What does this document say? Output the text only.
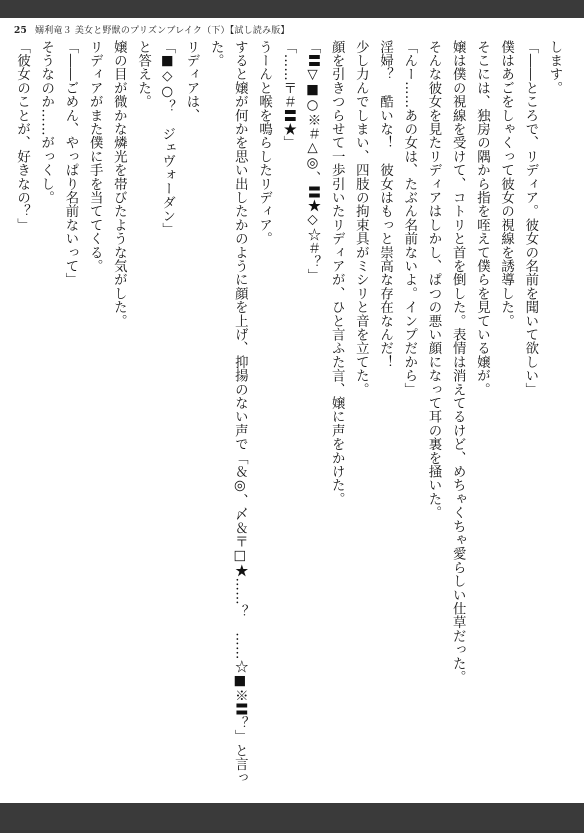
25 嫋利竜３ 美女と野獣のプリズンブレイク（下）【試し読み版】

します。

「――ところで、リディア。彼女の名前を聞いて欲しい」

僕はあごをしゃくって彼女の視線を誘導した。

そこには、独房の隅から指を咥えて僕らを見ている嬢が。

嬢は僕の視線を受けて、コトリと首を倒した。表情は消えてるけど、めちゃくちゃ愛らしい仕草だった。

そんな彼女を見たリディアはしかし、ぱつの悪い顔になって耳の裏を掻いた。

「んー……あの女は、たぶん名前ないよ。インプだから」

淫婦？　酷いな！　彼女はもっと崇高な存在なんだ！

少し力んでしまい、四肢の拘束具がミシリと音を立てた。

顔を引きつらせて一歩引いたリディアが、ひと言ふた言、嬢に声をかけた。

「〓▽■○※＃△◎、〓★◇☆＃？」

「……〒＃〓★」

うーんと喉を鳴らしたリディア。

すると嬢が何かを思い出したかのように顔を上げ、抑揚のない声で「＆◎、〆＆〒□★……？　……☆■※〓？」と言った。

リディアは、

「■◇○？　ジェヴォーダン」

と答えた。

嬢の目が微かな燐光を帯びたような気がした。

リディアがまた僕に手を当ててくる。

「――ごめん、やっぱり名前ないって」

そうなのか……がっくし。

「彼女のことが、好きなの？」
